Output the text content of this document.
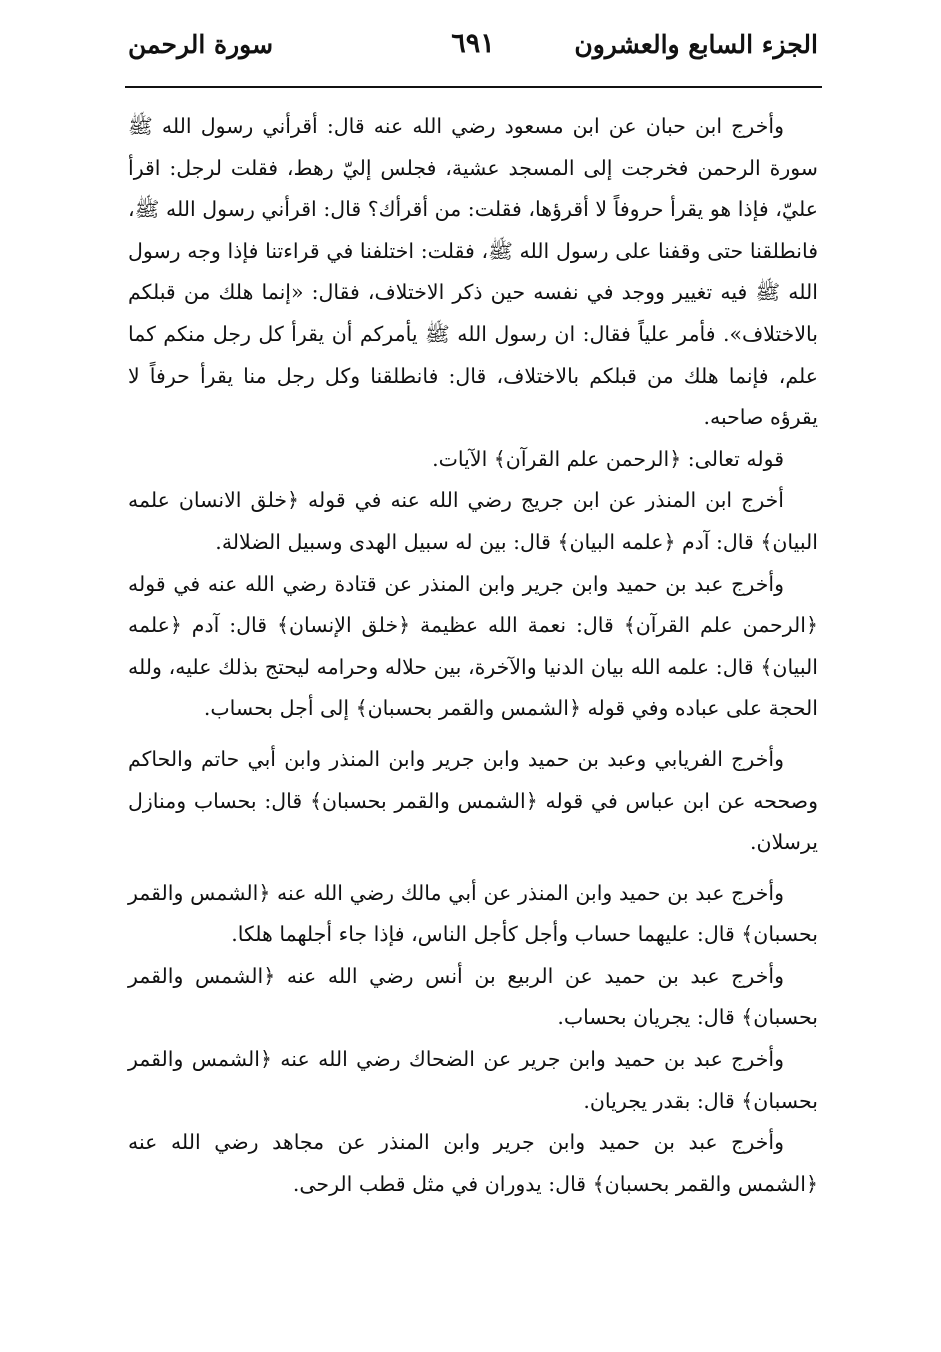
الجزء السابع والعشرون
٦٩١
سورة الرحمن

وأخرج ابن حبان عن ابن مسعود رضي الله عنه قال: أقرأني رسول الله ﷺ سورة الرحمن فخرجت إلى المسجد عشية، فجلس إليّ رهط، فقلت لرجل: اقرأ عليّ، فإذا هو يقرأ حروفاً لا أقرؤها، فقلت: من أقرأك؟ قال: اقرأني رسول الله ﷺ، فانطلقنا حتى وقفنا على رسول الله ﷺ، فقلت: اختلفنا في قراءتنا فإذا وجه رسول الله ﷺ فيه تغيير ووجد في نفسه حين ذكر الاختلاف، فقال: «إنما هلك من قبلكم بالاختلاف». فأمر علياً فقال: ان رسول الله ﷺ يأمركم أن يقرأ كل رجل منكم كما علم، فإنما هلك من قبلكم بالاختلاف، قال: فانطلقنا وكل رجل منا يقرأ حرفاً لا يقرؤه صاحبه.

قوله تعالى: ﴿الرحمن علم القرآن﴾ الآيات.

أخرج ابن المنذر عن ابن جريج رضي الله عنه في قوله ﴿خلق الانسان علمه البيان﴾ قال: آدم ﴿علمه البيان﴾ قال: بين له سبيل الهدى وسبيل الضلالة.

وأخرج عبد بن حميد وابن جرير وابن المنذر عن قتادة رضي الله عنه في قوله ﴿الرحمن علم القرآن﴾ قال: نعمة الله عظيمة ﴿خلق الإنسان﴾ قال: آدم ﴿علمه البيان﴾ قال: علمه الله بيان الدنيا والآخرة، بين حلاله وحرامه ليحتج بذلك عليه، ولله الحجة على عباده وفي قوله ﴿الشمس والقمر بحسبان﴾ إلى أجل بحساب.

وأخرج الفريابي وعبد بن حميد وابن جرير وابن المنذر وابن أبي حاتم والحاكم وصححه عن ابن عباس في قوله ﴿الشمس والقمر بحسبان﴾ قال: بحساب ومنازل يرسلان.

وأخرج عبد بن حميد وابن المنذر عن أبي مالك رضي الله عنه ﴿الشمس والقمر بحسبان﴾ قال: عليهما حساب وأجل كأجل الناس، فإذا جاء أجلهما هلكا.

وأخرج عبد بن حميد عن الربيع بن أنس رضي الله عنه ﴿الشمس والقمر بحسبان﴾ قال: يجريان بحساب.

وأخرج عبد بن حميد وابن جرير عن الضحاك رضي الله عنه ﴿الشمس والقمر بحسبان﴾ قال: بقدر يجريان.

وأخرج عبد بن حميد وابن جرير وابن المنذر عن مجاهد رضي الله عنه ﴿الشمس والقمر بحسبان﴾ قال: يدوران في مثل قطب الرحى.
